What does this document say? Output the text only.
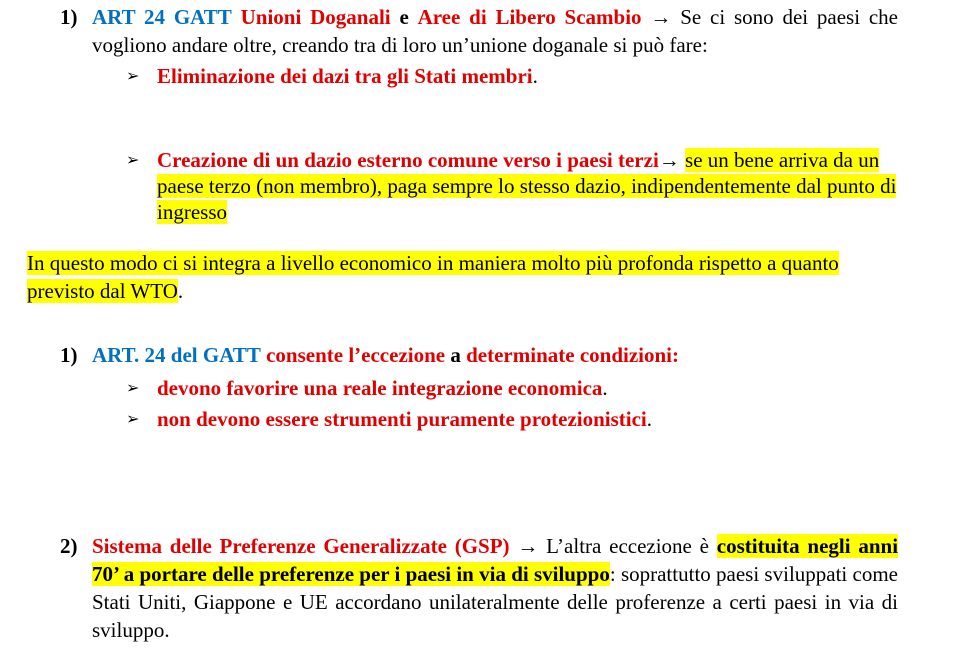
1) ART 24 GATT Unioni Doganali e Aree di Libero Scambio → Se ci sono dei paesi che vogliono andare oltre, creando tra di loro un’unione doganale si può fare:
➢ Eliminazione dei dazi tra gli Stati membri.
➢ Creazione di un dazio esterno comune verso i paesi terzi→ se un bene arriva da un paese terzo (non membro), paga sempre lo stesso dazio, indipendentemente dal punto di ingresso
In questo modo ci si integra a livello economico in maniera molto più profonda rispetto a quanto previsto dal WTO.
1) ART. 24 del GATT consente l’eccezione a determinate condizioni:
➢ devono favorire una reale integrazione economica.
➢ non devono essere strumenti puramente protezionistici.
2) Sistema delle Preferenze Generalizzate (GSP) → L’altra eccezione è costituita negli anni 70’ a portare delle preferenze per i paesi in via di sviluppo: soprattutto paesi sviluppati come Stati Uniti, Giappone e UE accordano unilateralmente delle proferenze a certi paesi in via di sviluppo.
